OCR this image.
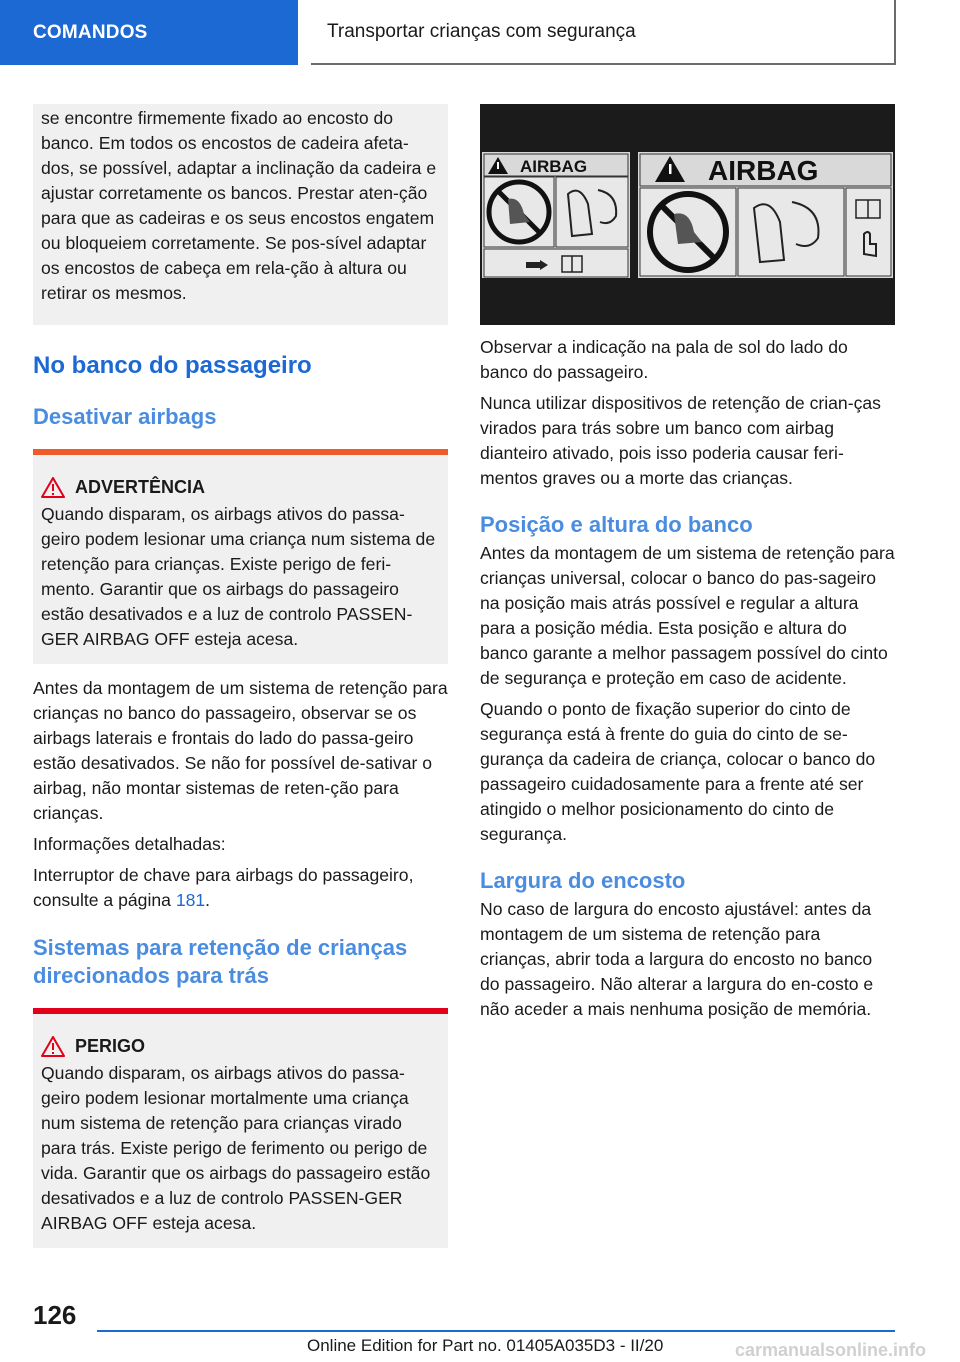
COMANDOS	Transportar crianças com segurança
se encontre firmemente fixado ao encosto do banco. Em todos os encostos de cadeira afeta-dos, se possível, adaptar a inclinação da cadeira e ajustar corretamente os bancos. Prestar aten-ção para que as cadeiras e os seus encostos engatem ou bloqueiem corretamente. Se pos-sível adaptar os encostos de cabeça em rela-ção à altura ou retirar os mesmos.
No banco do passageiro
Desativar airbags
ADVERTÊNCIA
Quando disparam, os airbags ativos do passa-geiro podem lesionar uma criança num sistema de retenção para crianças. Existe perigo de feri-mento. Garantir que os airbags do passageiro estão desativados e a luz de controlo PASSEN-GER AIRBAG OFF esteja acesa.

Antes da montagem de um sistema de retenção para crianças no banco do passageiro, observar se os airbags laterais e frontais do lado do passa-geiro estão desativados. Se não for possível de-sativar o airbag, não montar sistemas de reten-ção para crianças.

Informações detalhadas:

Interruptor de chave para airbags do passageiro, consulte a página 181.

Sistemas para retenção de crianças direcionados para trás
PERIGO
Quando disparam, os airbags ativos do passa-geiro podem lesionar mortalmente uma criança num sistema de retenção para crianças virado para trás. Existe perigo de ferimento ou perigo de vida. Garantir que os airbags do passageiro estão desativados e a luz de controlo PASSEN-GER AIRBAG OFF esteja acesa.
AIRBAG	AIRBAG

Observar a indicação na pala de sol do lado do banco do passageiro.

Nunca utilizar dispositivos de retenção de crian-ças virados para trás sobre um banco com airbag dianteiro ativado, pois isso poderia causar feri-mentos graves ou a morte das crianças.

Posição e altura do banco

Antes da montagem de um sistema de retenção para crianças universal, colocar o banco do pas-sageiro na posição mais atrás possível e regular a altura para a posição média. Esta posição e altura do banco garante a melhor passagem possível do cinto de segurança e proteção em caso de acidente.

Quando o ponto de fixação superior do cinto de segurança está à frente do guia do cinto de se-gurança da cadeira de criança, colocar o banco do passageiro cuidadosamente para a frente até ser atingido o melhor posicionamento do cinto de segurança.

Largura do encosto

No caso de largura do encosto ajustável: antes da montagem de um sistema de retenção para crianças, abrir toda a largura do encosto no banco do passageiro. Não alterar a largura do en-costo e não aceder a mais nenhuma posição de memória.

126
Online Edition for Part no. 01405A035D3 - II/20	carmanualsonline.info
